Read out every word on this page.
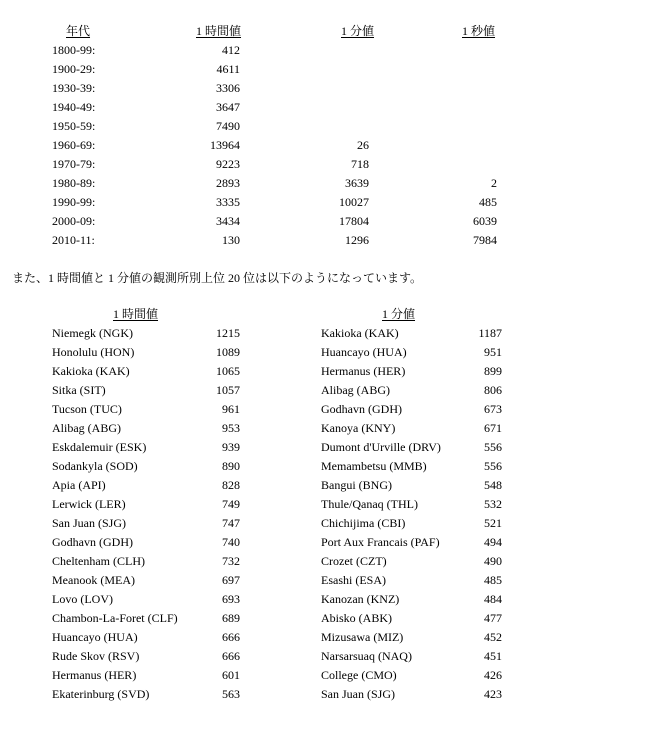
年代	1 時間値	1 分値	1 秒値
1800-99:	412
1900-29:	4611
1930-39:	3306
1940-49:	3647
1950-59:	7490
1960-69:	13964	26
1970-79:	9223	718
1980-89:	2893	3639	2
1990-99:	3335	10027	485
2000-09:	3434	17804	6039
2010-11:	130	1296	7984
また、1 時間値と 1 分値の観測所別上位 20 位は以下のようになっています。
1 時間値	1 分値
Niemegk (NGK)	1215	Kakioka (KAK)	1187
Honolulu (HON)	1089	Huancayo (HUA)	951
Kakioka (KAK)	1065	Hermanus (HER)	899
Sitka (SIT)	1057	Alibag (ABG)	806
Tucson (TUC)	961	Godhavn (GDH)	673
Alibag (ABG)	953	Kanoya (KNY)	671
Eskdalemuir (ESK)	939	Dumont d'Urville (DRV)	556
Sodankyla (SOD)	890	Memambetsu (MMB)	556
Apia (API)	828	Bangui (BNG)	548
Lerwick (LER)	749	Thule/Qanaq (THL)	532
San Juan (SJG)	747	Chichijima (CBI)	521
Godhavn (GDH)	740	Port Aux Francais (PAF)	494
Cheltenham (CLH)	732	Crozet (CZT)	490
Meanook (MEA)	697	Esashi (ESA)	485
Lovo (LOV)	693	Kanozan (KNZ)	484
Chambon-La-Foret (CLF)	689	Abisko (ABK)	477
Huancayo (HUA)	666	Mizusawa (MIZ)	452
Rude Skov (RSV)	666	Narsarsuaq (NAQ)	451
Hermanus (HER)	601	College (CMO)	426
Ekaterinburg (SVD)	563	San Juan (SJG)	423
